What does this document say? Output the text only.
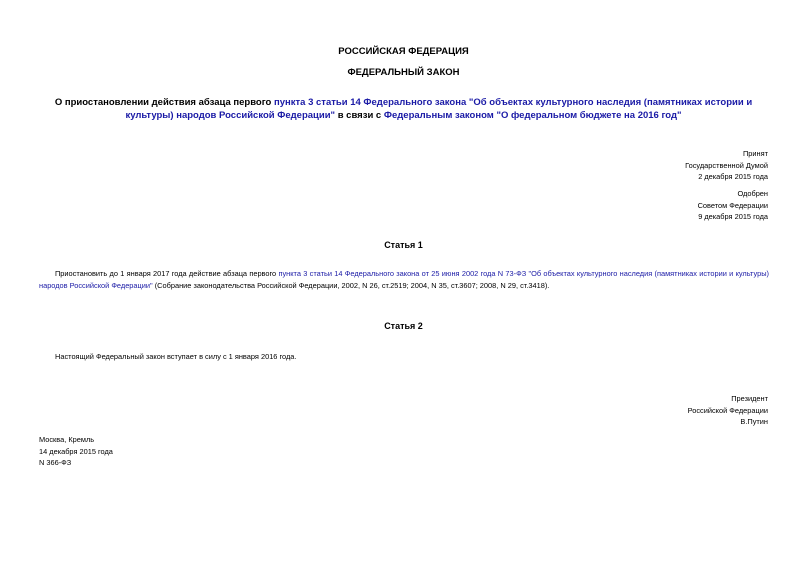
РОССИЙСКАЯ ФЕДЕРАЦИЯ
ФЕДЕРАЛЬНЫЙ ЗАКОН
О приостановлении действия абзаца первого пункта 3 статьи 14 Федерального закона "Об объектах культурного наследия (памятниках истории и культуры) народов Российской Федерации" в связи с Федеральным законом "О федеральном бюджете на 2016 год"
Принят
Государственной Думой
2 декабря 2015 года
Одобрен
Советом Федерации
9 декабря 2015 года
Статья 1
Приостановить до 1 января 2017 года действие абзаца первого пункта 3 статьи 14 Федерального закона от 25 июня 2002 года N 73-ФЗ "Об объектах культурного наследия (памятниках истории и культуры) народов Российской Федерации" (Собрание законодательства Российской Федерации, 2002, N 26, ст.2519; 2004, N 35, ст.3607; 2008, N 29, ст.3418).
Статья 2
Настоящий Федеральный закон вступает в силу с 1 января 2016 года.
Президент
Российской Федерации
В.Путин
Москва, Кремль
14 декабря 2015 года
N 366-ФЗ
